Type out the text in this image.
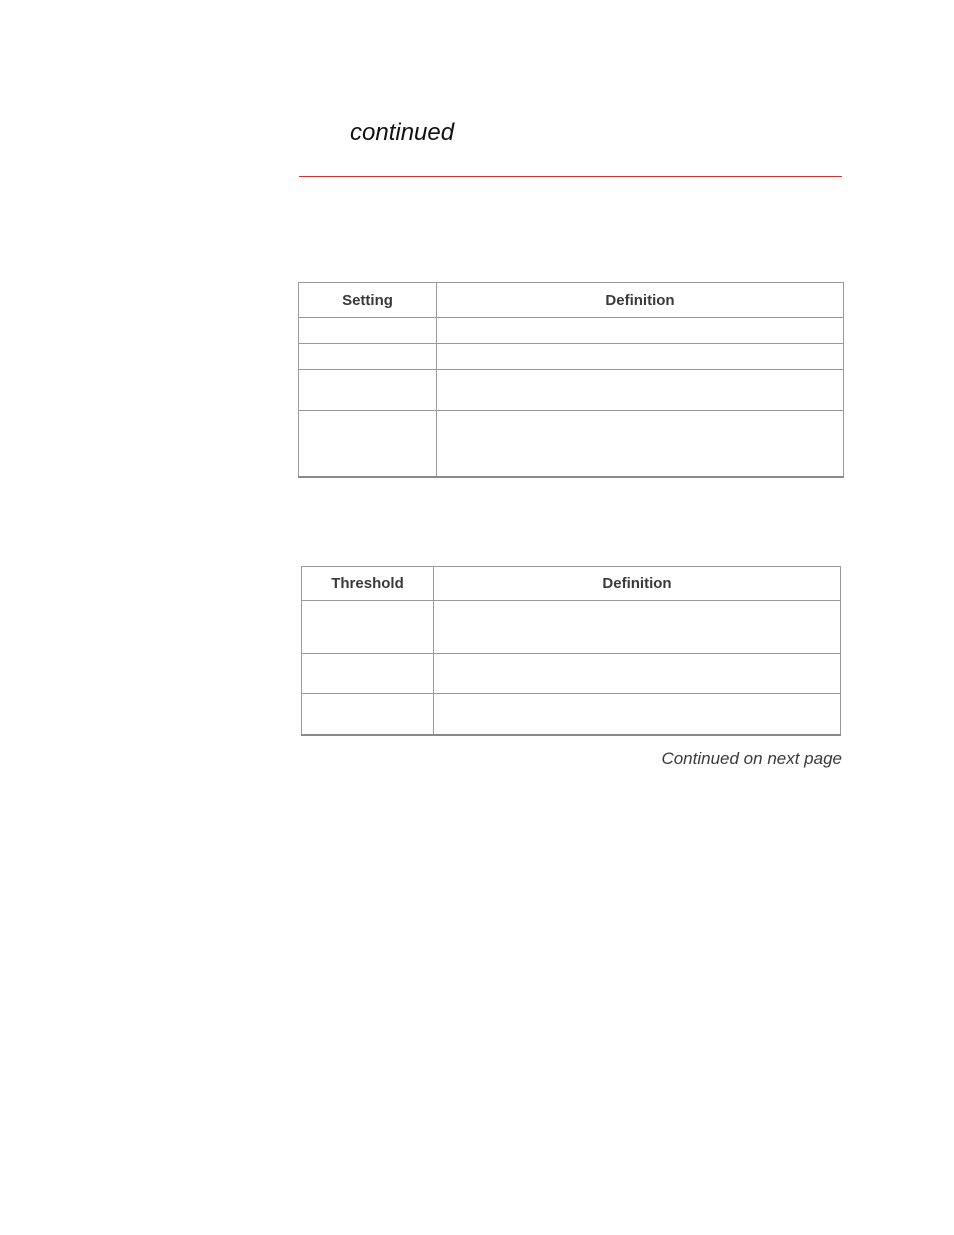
continued
Setting	Definition

Threshold	Definition

Continued on next page
